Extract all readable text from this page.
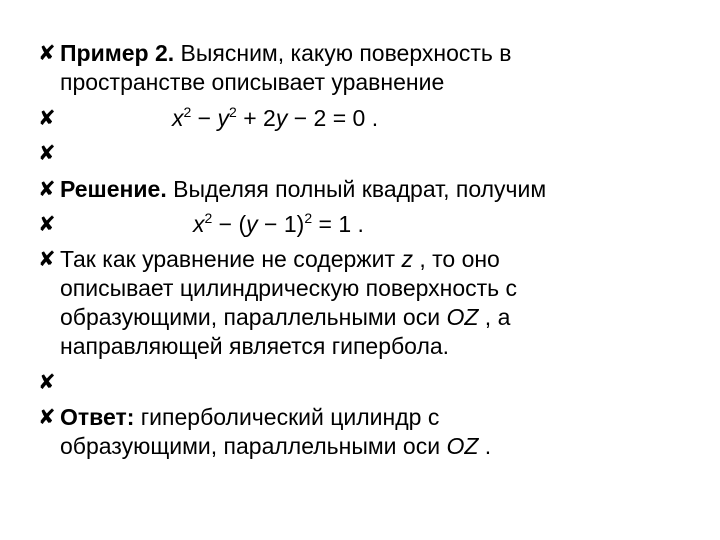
✘ Пример 2. Выясним, какую поверхность в
пространстве описывает уравнение
✘	$x^2 - y^2 + 2y - 2 = 0$ .
✘
✘ Решение. Выделяя полный квадрат, получим
✘	$x^2 - (y - 1)^2 = 1$ .
✘ Так как уравнение не содержит z , то оно
описывает цилиндрическую поверхность с
образующими, параллельными оси OZ , а
направляющей является гипербола.
✘
✘ Ответ: гиперболический цилиндр с
образующими, параллельными оси OZ .
